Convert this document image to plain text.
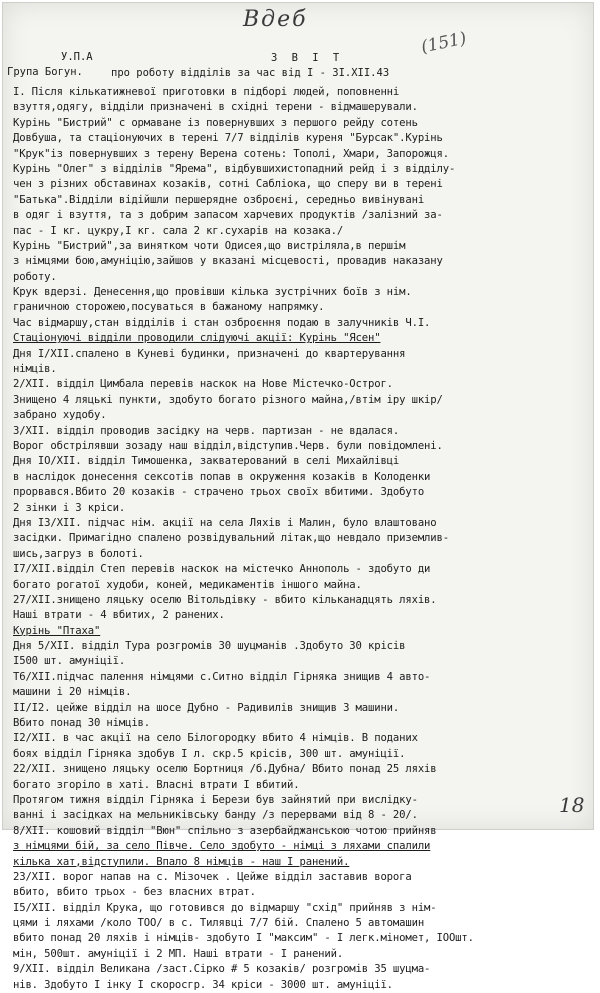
Вдеб
(151)
У.П.А
Група Богун.
З В І Т
про роботу відділів за час від І - 3І.ХІІ.43
І. Після кількатижневої приготовки в підборі людей, поповненні
взуття,одягу, відділи призначені в східні терени - відмашерували.
Курінь "Бистрий" с ормаване із повернувших з першого рейду сотень
Довбуша, та стаціонуючих в терені 7/7 відділів куреня "Бурсак".Курінь
"Крук"із повернувших з терену Верена сотень: Тополі, Хмари, Запорожця.
Курінь "Олег" з відділів "Ярема", відбувшихистопадний рейд і з відділу-
чен з різних обставинах козаків, сотні Сабліока, що сперу ви в терені
"Батька".Відділи відійшли першерядне озброєні, середньо вивінувані
в одяг і взуття, та з добрим запасом харчевих продуктів /залізний за-
пас - І кг. цукру,І кг. сала 2 кг.сухарів на козака./
Курінь "Бистрий",за винятком чоти Одисея,що вистріляла,в першім
з німцями бою,амуніцію,зайшов у вказані місцевості, провадив наказану
роботу.
Крук вдерзі. Денесення,що провівши кілька зустрічних боїв з нім.
граничною сторожею,посуваться в бажаному напрямку.
Час відмаршу,стан відділів і стан озброєння подаю в залучників Ч.І.
Стаціонуючі відділи проводили слідуючі акції: Курінь "Ясен"
Дня І/ХІІ.спалено в Куневі будинки, призначені до квартерування
німців.
2/ХІІ. відділ Цимбала перевів наскок на Нове Містечко-Острог.
Знищено 4 ляцькі пункти, здобуто богато різного майна,/втім іру шкір/
забрано худобу.
3/ХІІ. відділ проводив засідку на черв. партизан - не вдалася.
Ворог обстрілявши зозаду наш відділ,відступив.Черв. були повідомлені.
Дня ІО/ХІІ. відділ Тимошенка, закватерований в селі Михайлівці
в наслідок донесення сексотів попав в окруження козаків в Колоденки
прорвався.Вбито 20 козаків - стрaчено трьох своїх вбитими. Здобуто
2 зінки і 3 кріси.
Дня ІЗ/ХІІ. підчас нім. акції на села Ляхів і Малин, було влаштовано
засідки. Примагідно спалено розвідувальний літак,що невдало приземлив-
шись,загруз в болоті.
І7/ХІІ.відділ Степ перевів наскок на містечко Аннополь - здобуто ди
богато рогатої худоби, коней, медикаментів іншого майна.
27/ХІІ.знищено ляцьку оселю Вітольдівку - вбито кільканадцять ляхів.
Наші втрати - 4 вбитих, 2 ранених.
Курінь "Птаха"
Дня 5/ХІІ. відділ Тура розгромів 30 шуцманів .Здобуто 30 крісів
І500 шт. амуніції.
Т6/ХІІ.підчас палення німцями с.Ситно відділ Гірняка знищив 4 авто-
машини і 20 німців.
ІІ/І2. цейже відділ на шосе Дубно - Радивилів знищив 3 машини.
Вбито понад 30 німців.
І2/ХІІ. в час акції на село Білогородку вбито 4 німців. В поданих
боях відділ Гірняка здобув І л. скр.5 крісів, 300 шт. амуніції.
22/ХІІ. знищено ляцьку оселю Бортниця /б.Дубна/ Вбито понад 25 ляхів
богато згоріло в хаті. Власні втрати І вбитий.
Протягом тижня відділ Гірняка і Берези був зайнятий при вислідку-
ванні і засідках на мельниківську банду /з перервами від 8 - 20/.
8/ХІІ. кошовий відділ "Вюн" спільно з азербайджанською чотою прийняв
з німцями бій, за село Півче. Село здобуто - німці з ляхами спалили
кілька хат,відступили. Впало 8 німців - наш І ранений.
23/ХІІ. ворог напав на с. Мізочек . Цейже відділ заставив ворога
вбито, вбито трьох - без власних втрат.
І5/ХІІ. відділ Крука, що готовився до відмаршу "схід" прийняв з нім-
цями і ляхами /коло ТОО/ в с. Тилявці 7/7 бій. Спалено 5 автомашин
вбито понад 20 ляхів і німців- здобуто І "максим" - І легк.міномет, ІООшт.
мін, 500шт. амуніції і 2 МП. Наші втрати - І ранений.
9/ХІІ. відділ Великана /заст.Сірко # 5 козаків/ розгромів 35 шуцма-
нів. Здобуто І інку І скоросгр. 34 кріси - 3000 шт. амуніції.
18
